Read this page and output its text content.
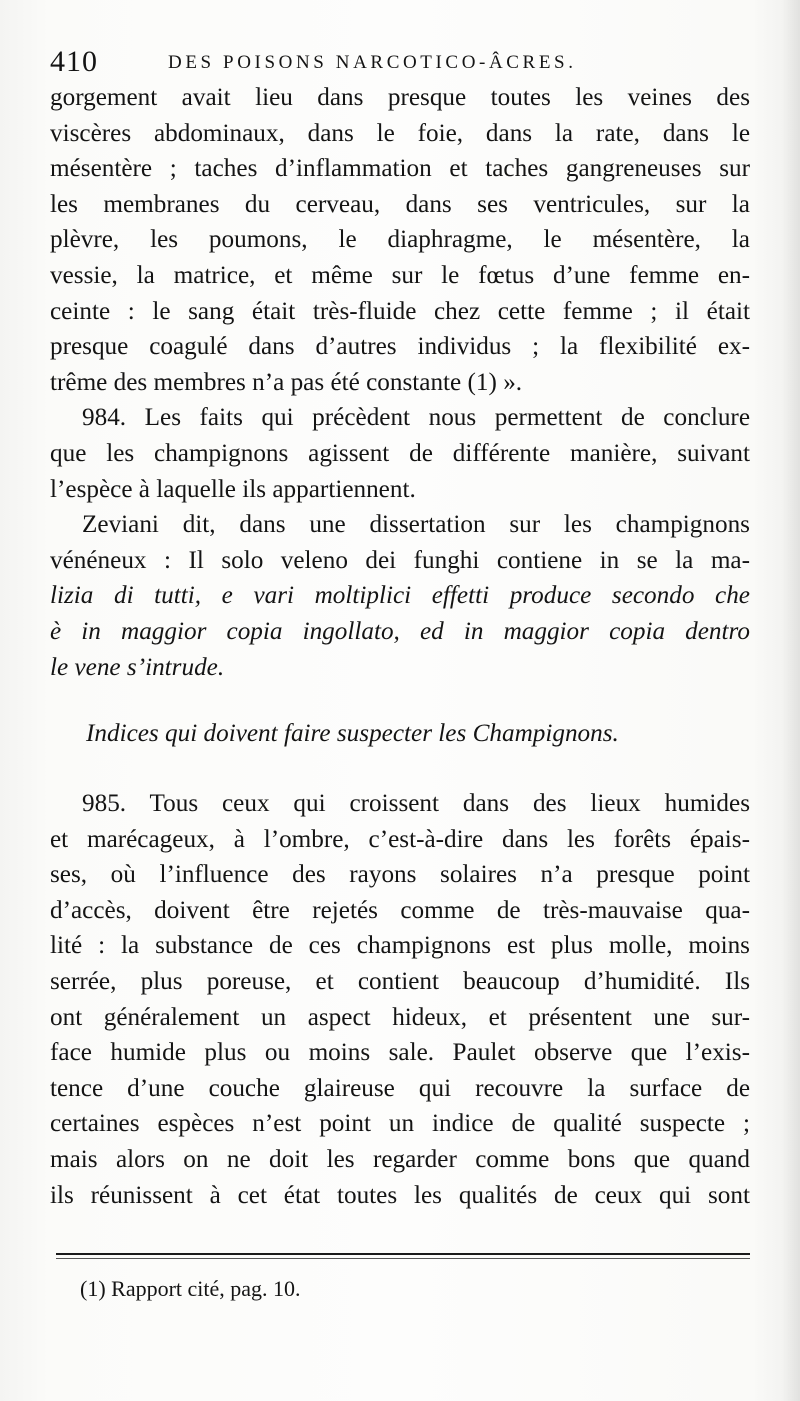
410	DES POISONS NARCOTICO-ÂCRES.
gorgement avait lieu dans presque toutes les veines des
viscères abdominaux, dans le foie, dans la rate, dans le
mésentère ; taches d’inflammation et taches gangreneuses sur
les membranes du cerveau, dans ses ventricules, sur la
plèvre, les poumons, le diaphragme, le mésentère, la
vessie, la matrice, et même sur le fœtus d’une femme en-
ceinte : le sang était très-fluide chez cette femme ; il était
presque coagulé dans d’autres individus ; la flexibilité ex-
trême des membres n’a pas été constante (1) ».
984. Les faits qui précèdent nous permettent de conclure
que les champignons agissent de différente manière, suivant
l’espèce à laquelle ils appartiennent.
Zeviani dit, dans une dissertation sur les champignons
vénéneux : Il solo veleno dei funghi contiene in se la ma-
lizia di tutti, e vari moltiplici effetti produce secondo che
è in maggior copia ingollato, ed in maggior copia dentro
le vene s’intrude.
Indices qui doivent faire suspecter les Champignons.
985. Tous ceux qui croissent dans des lieux humides
et marécageux, à l’ombre, c’est-à-dire dans les forêts épais-
ses, où l’influence des rayons solaires n’a presque point
d’accès, doivent être rejetés comme de très-mauvaise qua-
lité : la substance de ces champignons est plus molle, moins
serrée, plus poreuse, et contient beaucoup d’humidité. Ils
ont généralement un aspect hideux, et présentent une sur-
face humide plus ou moins sale. Paulet observe que l’exis-
tence d’une couche glaireuse qui recouvre la surface de
certaines espèces n’est point un indice de qualité suspecte ;
mais alors on ne doit les regarder comme bons que quand
ils réunissent à cet état toutes les qualités de ceux qui sont
(1) Rapport cité, pag. 10.
